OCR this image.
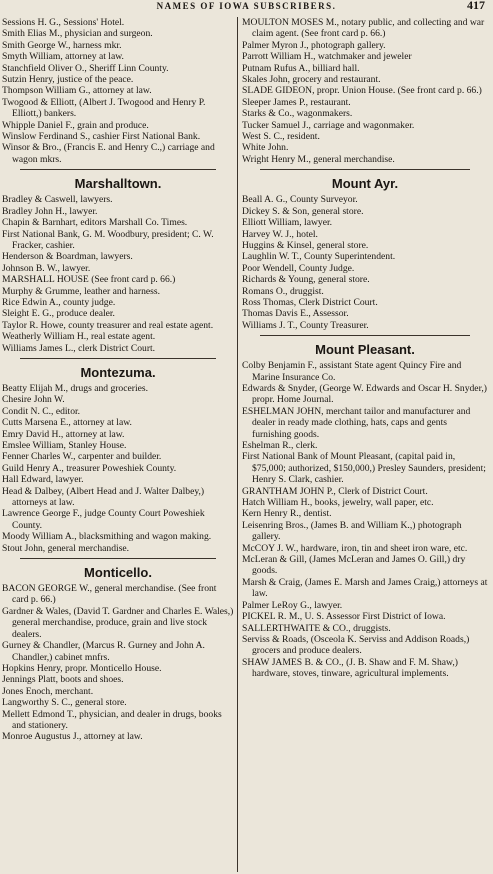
NAMES OF IOWA SUBSCRIBERS.	417
Sessions H. G., Sessions' Hotel.
Smith Elias M., physician and surgeon.
Smith George W., harness mkr.
Smyth William, attorney at law.
Stanchfield Oliver O., Sheriff Linn County.
Sutzin Henry, justice of the peace.
Thompson William G., attorney at law.
Twogood & Elliott, (Albert J. Twogood and Henry P. Elliott,) bankers.
Whipple Daniel F., grain and produce.
Winslow Ferdinand S., cashier First National Bank.
Winsor & Bro., (Francis E. and Henry C.,) carriage and wagon mkrs.
Marshalltown.
Bradley & Caswell, lawyers.
Bradley John H., lawyer.
Chapin & Barnhart, editors Marshall Co. Times.
First National Bank, G. M. Woodbury, president; C. W. Fracker, cashier.
Henderson & Boardman, lawyers.
Johnson B. W., lawyer.
MARSHALL HOUSE (See front card p. 66.)
Murphy & Grumme, leather and harness.
Rice Edwin A., county judge.
Sleight E. G., produce dealer.
Taylor R. Howe, county treasurer and real estate agent.
Weatherly William H., real estate agent.
Williams James L., clerk District Court.
Montezuma.
Beatty Elijah M., drugs and groceries.
Chesire John W.
Condit N. C., editor.
Cutts Marsena E., attorney at law.
Emry David H., attorney at law.
Emslee William, Stanley House.
Fenner Charles W., carpenter and builder.
Guild Henry A., treasurer Poweshiek County.
Hall Edward, lawyer.
Head & Dalbey, (Albert Head and J. Walter Dalbey,) attorneys at law.
Lawrence George F., judge County Court Poweshiek County.
Moody William A., blacksmithing and wagon making.
Stout John, general merchandise.
Monticello.
BACON GEORGE W., general merchandise. (See front card p. 66.)
Gardner & Wales, (David T. Gardner and Charles E. Wales,) general merchandise, produce, grain and live stock dealers.
Gurney & Chandler, (Marcus R. Gurney and John A. Chandler,) cabinet mnfrs.
Hopkins Henry, propr. Monticello House.
Jennings Platt, boots and shoes.
Jones Enoch, merchant.
Langworthy S. C., general store.
Mellett Edmond T., physician, and dealer in drugs, books and stationery.
Monroe Augustus J., attorney at law.
MOULTON MOSES M., notary public, and collecting and war claim agent. (See front card p. 66.)
Palmer Myron J., photograph gallery.
Parrott William H., watchmaker and jeweler
Putnam Rufus A., billiard hall.
Skales John, grocery and restaurant.
SLADE GIDEON, propr. Union House. (See front card p. 66.)
Sleeper James P., restaurant.
Starks & Co., wagonmakers.
Tucker Samuel J., carriage and wagonmaker.
West S. C., resident.
White John.
Wright Henry M., general merchandise.
Mount Ayr.
Beall A. G., County Surveyor.
Dickey S. & Son, general store.
Elliott William, lawyer.
Harvey W. J., hotel.
Huggins & Kinsel, general store.
Laughlin W. T., County Superintendent.
Poor Wendell, County Judge.
Richards & Young, general store.
Romans O., druggist.
Ross Thomas, Clerk District Court.
Thomas Davis E., Assessor.
Williams J. T., County Treasurer.
Mount Pleasant.
Colby Benjamin F., assistant State agent Quincy Fire and Marine Insurance Co.
Edwards & Snyder, (George W. Edwards and Oscar H. Snyder,) propr. Home Journal.
ESHELMAN JOHN, merchant tailor and manufacturer and dealer in ready made clothing, hats, caps and gents furnishing goods.
Eshelman R., clerk.
First National Bank of Mount Pleasant, (capital paid in, $75,000; authorized, $150,000,) Presley Saunders, president; Henry S. Clark, cashier.
GRANTHAM JOHN P., Clerk of District Court.
Hatch William H., books, jewelry, wall paper, etc.
Kern Henry R., dentist.
Leisenring Bros., (James B. and William K.,) photograph gallery.
McCOY J. W., hardware, iron, tin and sheet iron ware, etc.
McLeran & Gill, (James McLeran and James O. Gill,) dry goods.
Marsh & Craig, (James E. Marsh and James Craig,) attorneys at law.
Palmer LeRoy G., lawyer.
PICKEL R. M., U. S. Assessor First District of Iowa.
SALLERTHWAITE & CO., druggists.
Serviss & Roads, (Osceola K. Serviss and Addison Roads,) grocers and produce dealers.
SHAW JAMES B. & CO., (J. B. Shaw and F. M. Shaw,) hardware, stoves, tinware, agricultural implements.
